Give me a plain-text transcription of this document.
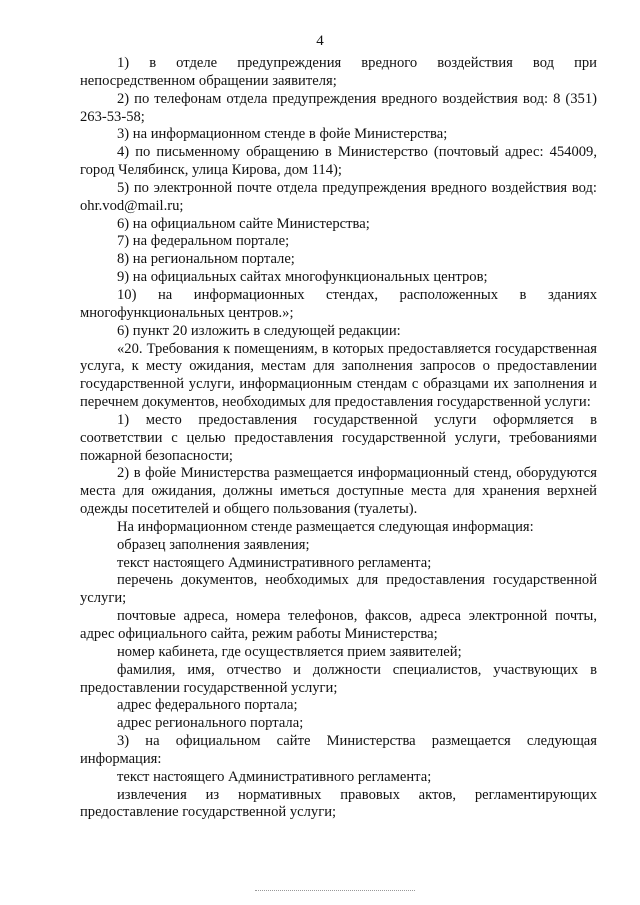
4

1) в отделе предупреждения вредного воздействия вод при непосредственном обращении заявителя;

2) по телефонам отдела предупреждения вредного воздействия вод: 8 (351) 263-53-58;

3) на информационном стенде в фойе Министерства;

4) по письменному обращению в Министерство (почтовый адрес: 454009, город Челябинск, улица Кирова, дом 114);

5) по электронной почте отдела предупреждения вредного воздействия вод: ohr.vod@mail.ru;

6) на официальном сайте Министерства;

7) на федеральном портале;

8) на региональном портале;

9) на официальных сайтах многофункциональных центров;

10) на информационных стендах, расположенных в зданиях многофункциональных центров.»;

6) пункт 20 изложить в следующей редакции:

«20. Требования к помещениям, в которых предоставляется государственная услуга, к месту ожидания, местам для заполнения запросов о предоставлении государственной услуги, информационным стендам с образцами их заполнения и перечнем документов, необходимых для предоставления государственной услуги:

1) место предоставления государственной услуги оформляется в соответствии с целью предоставления государственной услуги, требованиями пожарной безопасности;

2) в фойе Министерства размещается информационный стенд, оборудуются места для ожидания, должны иметься доступные места для хранения верхней одежды посетителей и общего пользования (туалеты).

На информационном стенде размещается следующая информация:

образец заполнения заявления;

текст настоящего Административного регламента;

перечень документов, необходимых для предоставления государственной услуги;

почтовые адреса, номера телефонов, факсов, адреса электронной почты, адрес официального сайта, режим работы Министерства;

номер кабинета, где осуществляется прием заявителей;

фамилия, имя, отчество и должности специалистов, участвующих в предоставлении государственной услуги;

адрес федерального портала;

адрес регионального портала;

3) на официальном сайте Министерства размещается следующая информация:

текст настоящего Административного регламента;

извлечения из нормативных правовых актов, регламентирующих предоставление государственной услуги;
